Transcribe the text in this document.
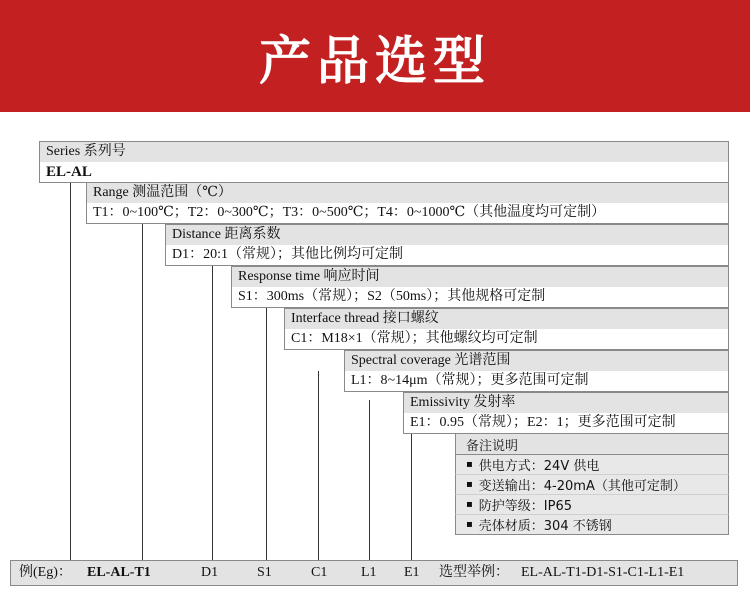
产品选型
Series 系列号
EL-AL
Range 测温范围（℃）
T1：0~100℃；T2：0~300℃；T3：0~500℃；T4：0~1000℃（其他温度均可定制）
Distance 距离系数
D1：20:1（常规）；其他比例均可定制
Response time 响应时间
S1：300ms（常规）；S2（50ms）；其他规格可定制
Interface thread 接口螺纹
C1：M18×1（常规）；其他螺纹均可定制
Spectral coverage 光谱范围
L1：8~14μm（常规）；更多范围可定制
Emissivity 发射率
E1：0.95（常规）；E2：1；更多范围可定制
备注说明
▪ 供电方式：24V 供电
▪ 变送输出：4-20mA（其他可定制）
▪ 防护等级：IP65
▪ 壳体材质：304 不锈钢
例(Eg)： EL-AL-T1	D1	S1	C1 L1 E1 选型举例： EL-AL-T1-D1-S1-C1-L1-E1
